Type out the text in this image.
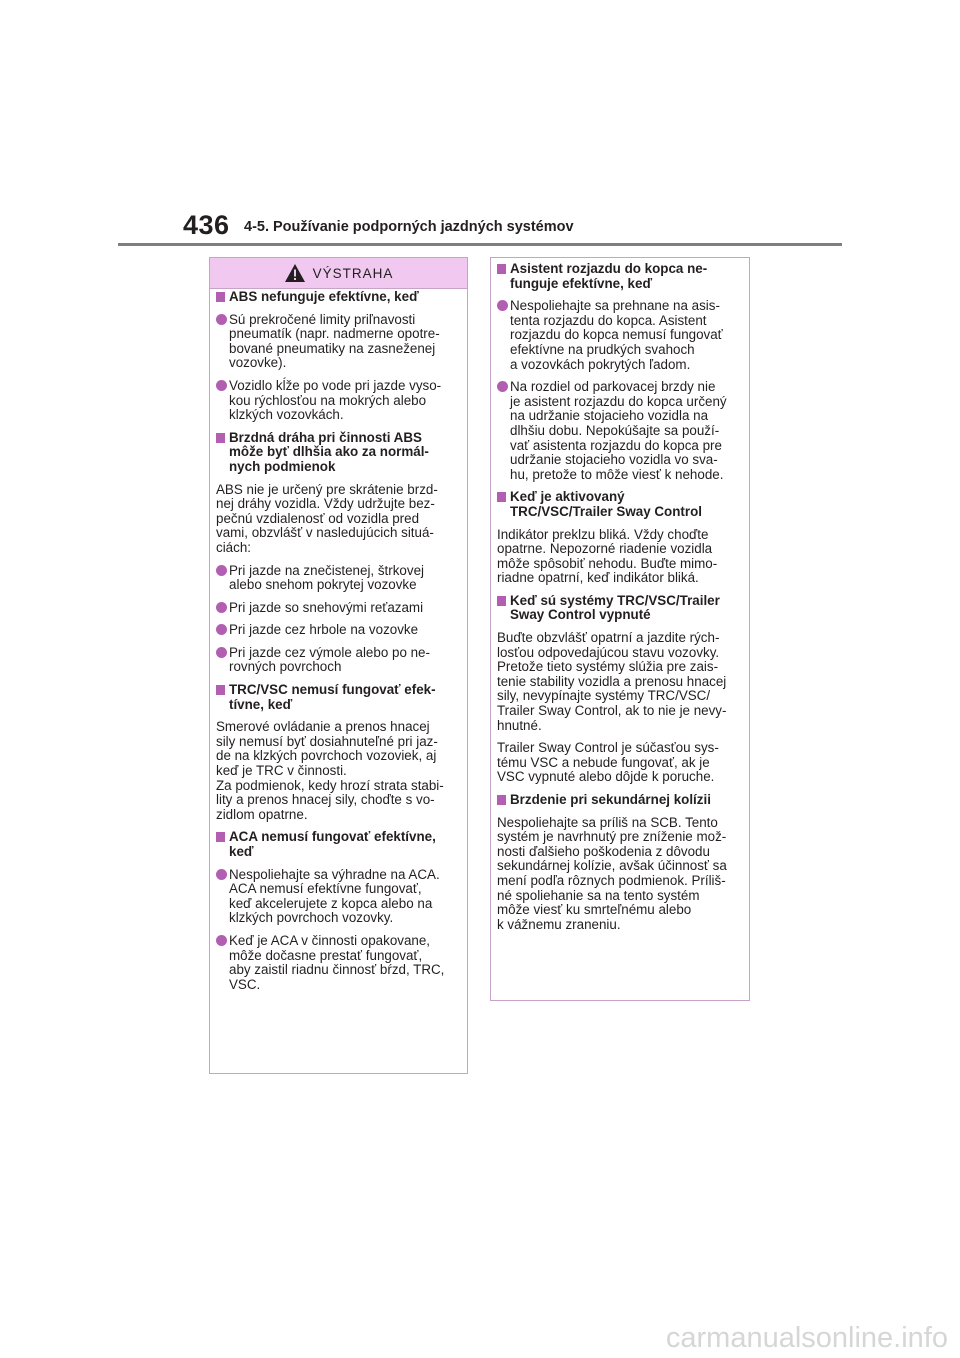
436 4-5. Používanie podporných jazdných systémov
VÝSTRAHA
ABS nefunguje efektívne, keď
Sú prekročené limity priľnavosti
pneumatík (napr. nadmerne opotre-
bované pneumatiky na zasneženej
vozovke).
Vozidlo kĺže po vode pri jazde vyso-
kou rýchlosťou na mokrých alebo
klzkých vozovkách.
Brzdná dráha pri činnosti ABS
môže byť dlhšia ako za normál-
nych podmienok
ABS nie je určený pre skrátenie brzd-
nej dráhy vozidla. Vždy udržujte bez-
pečnú vzdialenosť od vozidla pred
vami, obzvlášť v nasledujúcich situá-
ciách:
Pri jazde na znečistenej, štrkovej
alebo snehom pokrytej vozovke
Pri jazde so snehovými reťazami
Pri jazde cez hrbole na vozovke
Pri jazde cez výmole alebo po ne-
rovných povrchoch
TRC/VSC nemusí fungovať efek-
tívne, keď
Smerové ovládanie a prenos hnacej
sily nemusí byť dosiahnuteľné pri jaz-
de na klzkých povrchoch vozoviek, aj
keď je TRC v činnosti.
Za podmienok, kedy hrozí strata stabi-
lity a prenos hnacej sily, choďte s vo-
zidlom opatrne.
ACA nemusí fungovať efektívne,
keď
Nespoliehajte sa výhradne na ACA.
ACA nemusí efektívne fungovať,
keď akcelerujete z kopca alebo na
klzkých povrchoch vozovky.
Keď je ACA v činnosti opakovane,
môže dočasne prestať fungovať,
aby zaistil riadnu činnosť bŕzd, TRC,
VSC.
Asistent rozjazdu do kopca ne-
funguje efektívne, keď
Nespoliehajte sa prehnane na asis-
tenta rozjazdu do kopca. Asistent
rozjazdu do kopca nemusí fungovať
efektívne na prudkých svahoch
a vozovkách pokrytých ľadom.
Na rozdiel od parkovacej brzdy nie
je asistent rozjazdu do kopca určený
na udržanie stojacieho vozidla na
dlhšiu dobu. Nepokúšajte sa použí-
vať asistenta rozjazdu do kopca pre
udržanie stojacieho vozidla vo sva-
hu, pretože to môže viesť k nehode.
Keď je aktivovaný
TRC/VSC/Trailer Sway Control
Indikátor preklzu bliká. Vždy choďte
opatrne. Nepozorné riadenie vozidla
môže spôsobiť nehodu. Buďte mimo-
riadne opatrní, keď indikátor bliká.
Keď sú systémy TRC/VSC/Trailer
Sway Control vypnuté
Buďte obzvlášť opatrní a jazdite rých-
losťou odpovedajúcou stavu vozovky.
Pretože tieto systémy slúžia pre zais-
tenie stability vozidla a prenosu hnacej
sily, nevypínajte systémy TRC/VSC/
Trailer Sway Control, ak to nie je nevy-
hnutné.
Trailer Sway Control je súčasťou sys-
tému VSC a nebude fungovať, ak je
VSC vypnuté alebo dôjde k poruche.
Brzdenie pri sekundárnej kolízii
Nespoliehajte sa príliš na SCB. Tento
systém je navrhnutý pre zníženie mož-
nosti ďalšieho poškodenia z dôvodu
sekundárnej kolízie, avšak účinnosť sa
mení podľa rôznych podmienok. Príliš-
né spoliehanie sa na tento systém
môže viesť ku smrteľnému alebo
k vážnemu zraneniu.
carmanualsonline.info
